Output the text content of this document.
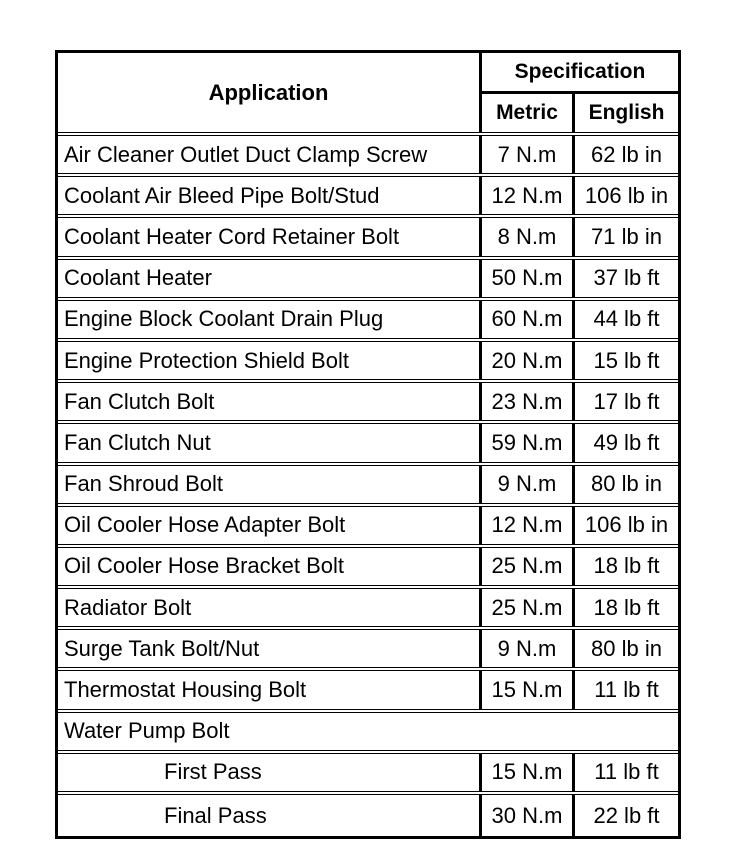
Application
Specification
Metric	English
Air Cleaner Outlet Duct Clamp Screw	7 N.m	62 lb in
Coolant Air Bleed Pipe Bolt/Stud	12 N.m	106 lb in
Coolant Heater Cord Retainer Bolt	8 N.m	71 lb in
Coolant Heater	50 N.m	37 lb ft
Engine Block Coolant Drain Plug	60 N.m	44 lb ft
Engine Protection Shield Bolt	20 N.m	15 lb ft
Fan Clutch Bolt	23 N.m	17 lb ft
Fan Clutch Nut	59 N.m	49 lb ft
Fan Shroud Bolt	9 N.m	80 lb in
Oil Cooler Hose Adapter Bolt	12 N.m	106 lb in
Oil Cooler Hose Bracket Bolt	25 N.m	18 lb ft
Radiator Bolt	25 N.m	18 lb ft
Surge Tank Bolt/Nut	9 N.m	80 lb in
Thermostat Housing Bolt	15 N.m	11 lb ft
Water Pump Bolt
First Pass	15 N.m	11 lb ft
Final Pass	30 N.m	22 lb ft
